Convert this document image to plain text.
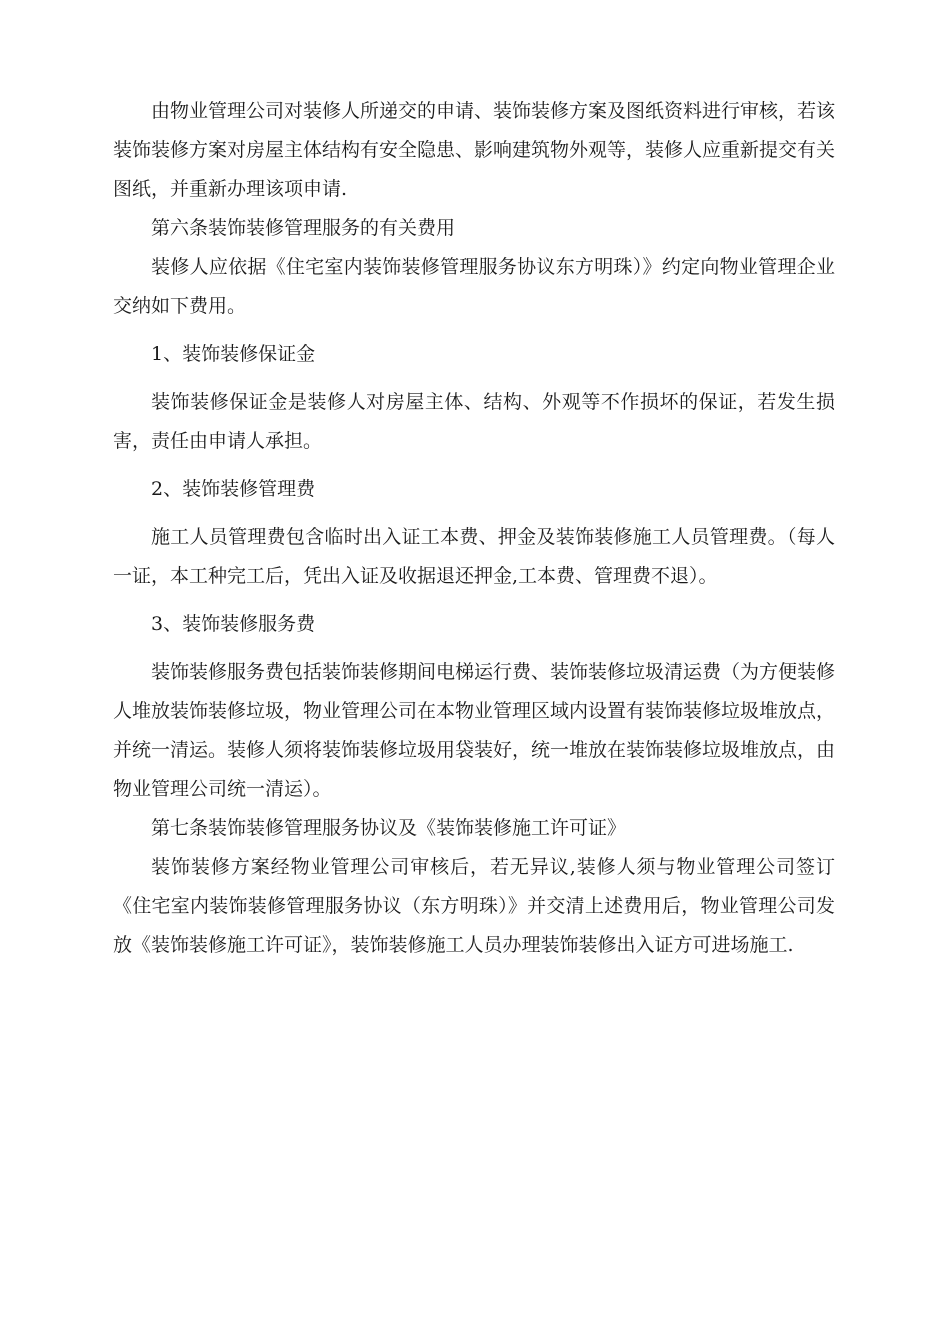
由物业管理公司对装修人所递交的申请、装饰装修方案及图纸资料进行审核，若该装饰装修方案对房屋主体结构有安全隐患、影响建筑物外观等，装修人应重新提交有关图纸，并重新办理该项申请.

第六条装饰装修管理服务的有关费用

装修人应依据《住宅室内装饰装修管理服务协议东方明珠）》约定向物业管理企业交纳如下费用。

1、装饰装修保证金

装饰装修保证金是装修人对房屋主体、结构、外观等不作损坏的保证，若发生损害，责任由申请人承担。

2、装饰装修管理费

施工人员管理费包含临时出入证工本费、押金及装饰装修施工人员管理费。（每人一证，本工种完工后，凭出入证及收据退还押金,工本费、管理费不退）。

3、装饰装修服务费

装饰装修服务费包括装饰装修期间电梯运行费、装饰装修垃圾清运费（为方便装修人堆放装饰装修垃圾，物业管理公司在本物业管理区域内设置有装饰装修垃圾堆放点，并统一清运。装修人须将装饰装修垃圾用袋装好，统一堆放在装饰装修垃圾堆放点，由物业管理公司统一清运）。

第七条装饰装修管理服务协议及《装饰装修施工许可证》

装饰装修方案经物业管理公司审核后，若无异议,装修人须与物业管理公司签订《住宅室内装饰装修管理服务协议（东方明珠）》并交清上述费用后，物业管理公司发放《装饰装修施工许可证》，装饰装修施工人员办理装饰装修出入证方可进场施工.
